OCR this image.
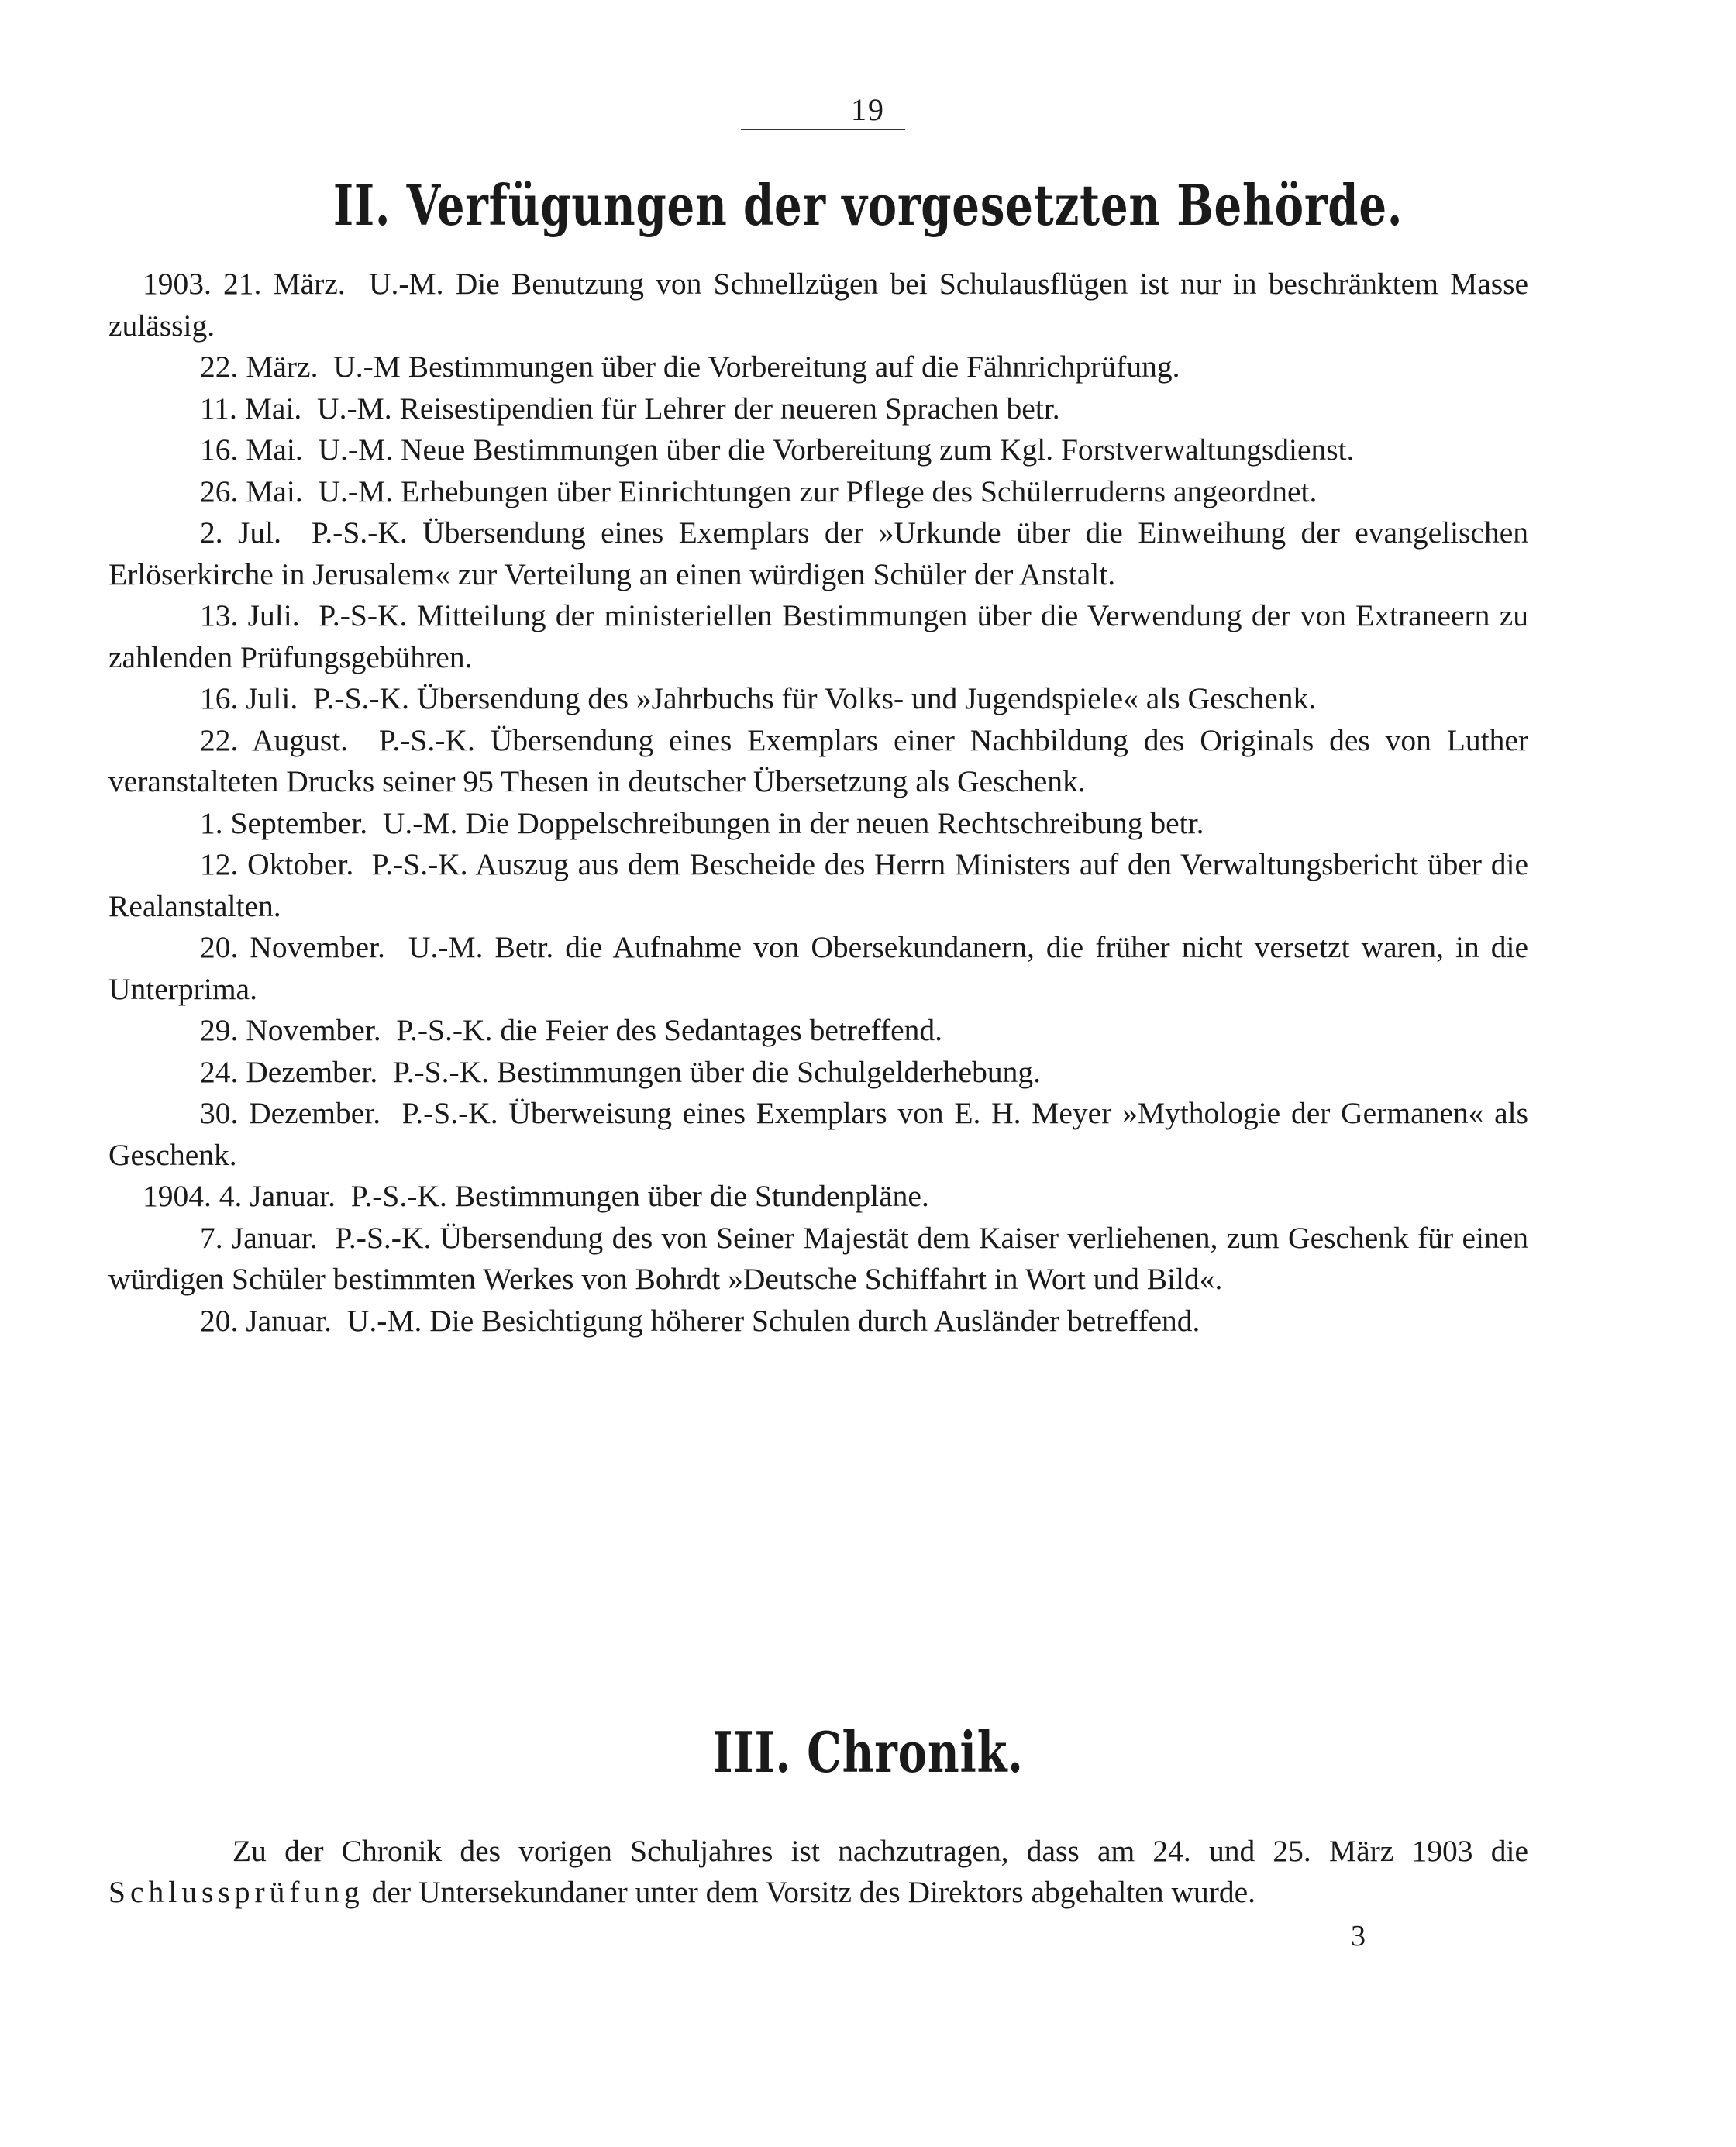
19
II. Verfügungen der vorgesetzten Behörde.

1903. 21. März. U.-M. Die Benutzung von Schnellzügen bei Schulausflügen ist nur in beschränktem Masse zulässig.

22. März. U.-M Bestimmungen über die Vorbereitung auf die Fähnrichprüfung.

11. Mai. U.-M. Reisestipendien für Lehrer der neueren Sprachen betr.

16. Mai. U.-M. Neue Bestimmungen über die Vorbereitung zum Kgl. Forstverwaltungsdienst.

26. Mai. U.-M. Erhebungen über Einrichtungen zur Pflege des Schülerruderns angeordnet.

2. Jul. P.-S.-K. Übersendung eines Exemplars der »Urkunde über die Einweihung der evangelischen Erlöserkirche in Jerusalem« zur Verteilung an einen würdigen Schüler der Anstalt.

13. Juli. P.-S-K. Mitteilung der ministeriellen Bestimmungen über die Verwendung der von Extraneern zu zahlenden Prüfungsgebühren.

16. Juli. P.-S.-K. Übersendung des »Jahrbuchs für Volks- und Jugendspiele« als Geschenk.

22. August. P.-S.-K. Übersendung eines Exemplars einer Nachbildung des Originals des von Luther veranstalteten Drucks seiner 95 Thesen in deutscher Übersetzung als Geschenk.

1. September. U.-M. Die Doppelschreibungen in der neuen Rechtschreibung betr.

12. Oktober. P.-S.-K. Auszug aus dem Bescheide des Herrn Ministers auf den Verwaltungsbericht über die Realanstalten.

20. November. U.-M. Betr. die Aufnahme von Obersekundanern, die früher nicht versetzt waren, in die Unterprima.

29. November. P.-S.-K. die Feier des Sedantages betreffend.

24. Dezember. P.-S.-K. Bestimmungen über die Schulgelderhebung.

30. Dezember. P.-S.-K. Überweisung eines Exemplars von E. H. Meyer »Mythologie der Germanen« als Geschenk.

1904. 4. Januar. P.-S.-K. Bestimmungen über die Stundenpläne.

7. Januar. P.-S.-K. Übersendung des von Seiner Majestät dem Kaiser verliehenen, zum Geschenk für einen würdigen Schüler bestimmten Werkes von Bohrdt »Deutsche Schiffahrt in Wort und Bild«.

20. Januar. U.-M. Die Besichtigung höherer Schulen durch Ausländer betreffend.

III. Chronik.

Zu der Chronik des vorigen Schuljahres ist nachzutragen, dass am 24. und 25. März 1903 die Schlussprüfung der Untersekundaner unter dem Vorsitz des Direktors abgehalten wurde.

3
